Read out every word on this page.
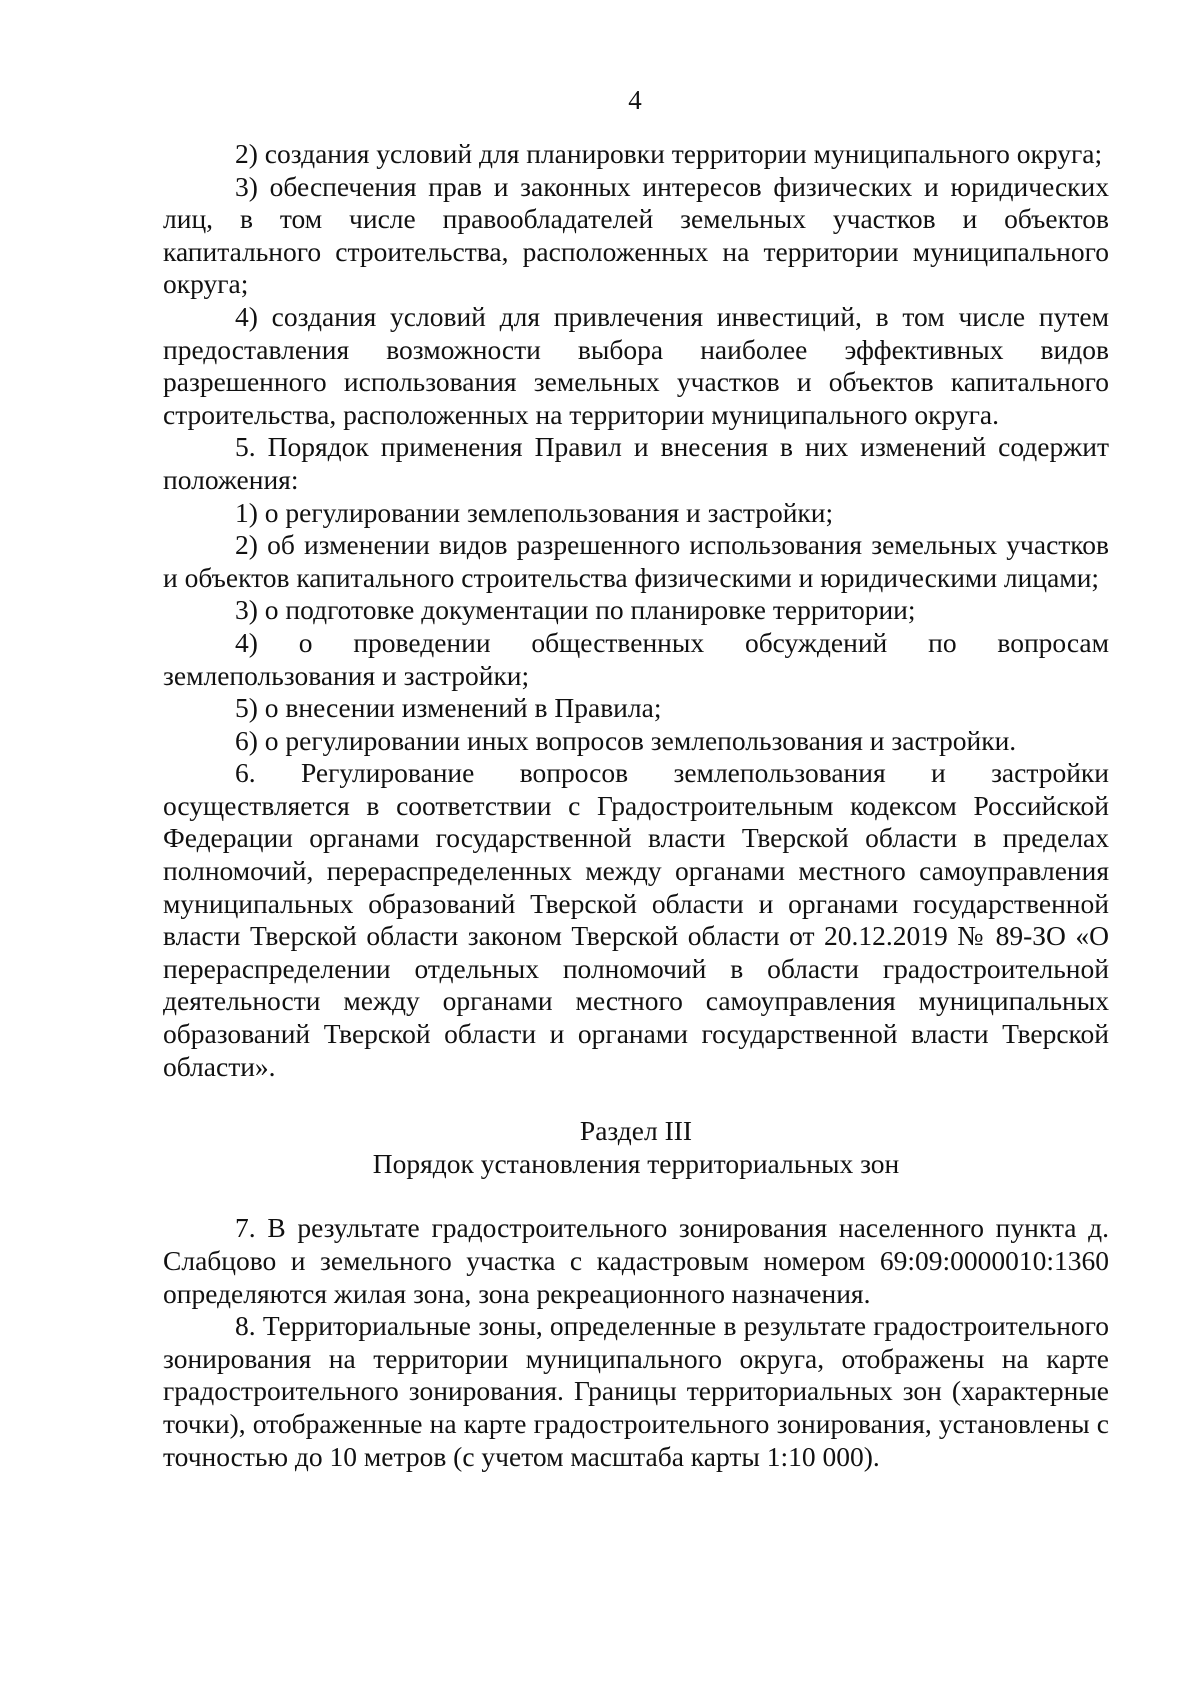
4

2) создания условий для планировки территории муниципального округа;

3) обеспечения прав и законных интересов физических и юридических лиц, в том числе правообладателей земельных участков и объектов капитального строительства, расположенных на территории муниципального округа;

4) создания условий для привлечения инвестиций, в том числе путем предоставления возможности выбора наиболее эффективных видов разрешенного использования земельных участков и объектов капитального строительства, расположенных на территории муниципального округа.

5. Порядок применения Правил и внесения в них изменений содержит положения:

1) о регулировании землепользования и застройки;

2) об изменении видов разрешенного использования земельных участков и объектов капитального строительства физическими и юридическими лицами;

3) о подготовке документации по планировке территории;

4) о проведении общественных обсуждений по вопросам землепользования и застройки;

5) о внесении изменений в Правила;

6) о регулировании иных вопросов землепользования и застройки.

6. Регулирование вопросов землепользования и застройки осуществляется в соответствии с Градостроительным кодексом Российской Федерации органами государственной власти Тверской области в пределах полномочий, перераспределенных между органами местного самоуправления муниципальных образований Тверской области и органами государственной власти Тверской области законом Тверской области от 20.12.2019 № 89-ЗО «О перераспределении отдельных полномочий в области градостроительной деятельности между органами местного самоуправления муниципальных образований Тверской области и органами государственной власти Тверской области».

Раздел III
Порядок установления территориальных зон

7. В результате градостроительного зонирования населенного пункта д. Слабцово и земельного участка с кадастровым номером 69:09:0000010:1360 определяются жилая зона, зона рекреационного назначения.

8. Территориальные зоны, определенные в результате градостроительного зонирования на территории муниципального округа, отображены на карте градостроительного зонирования. Границы территориальных зон (характерные точки), отображенные на карте градостроительного зонирования, установлены с точностью до 10 метров (с учетом масштаба карты 1:10 000).
